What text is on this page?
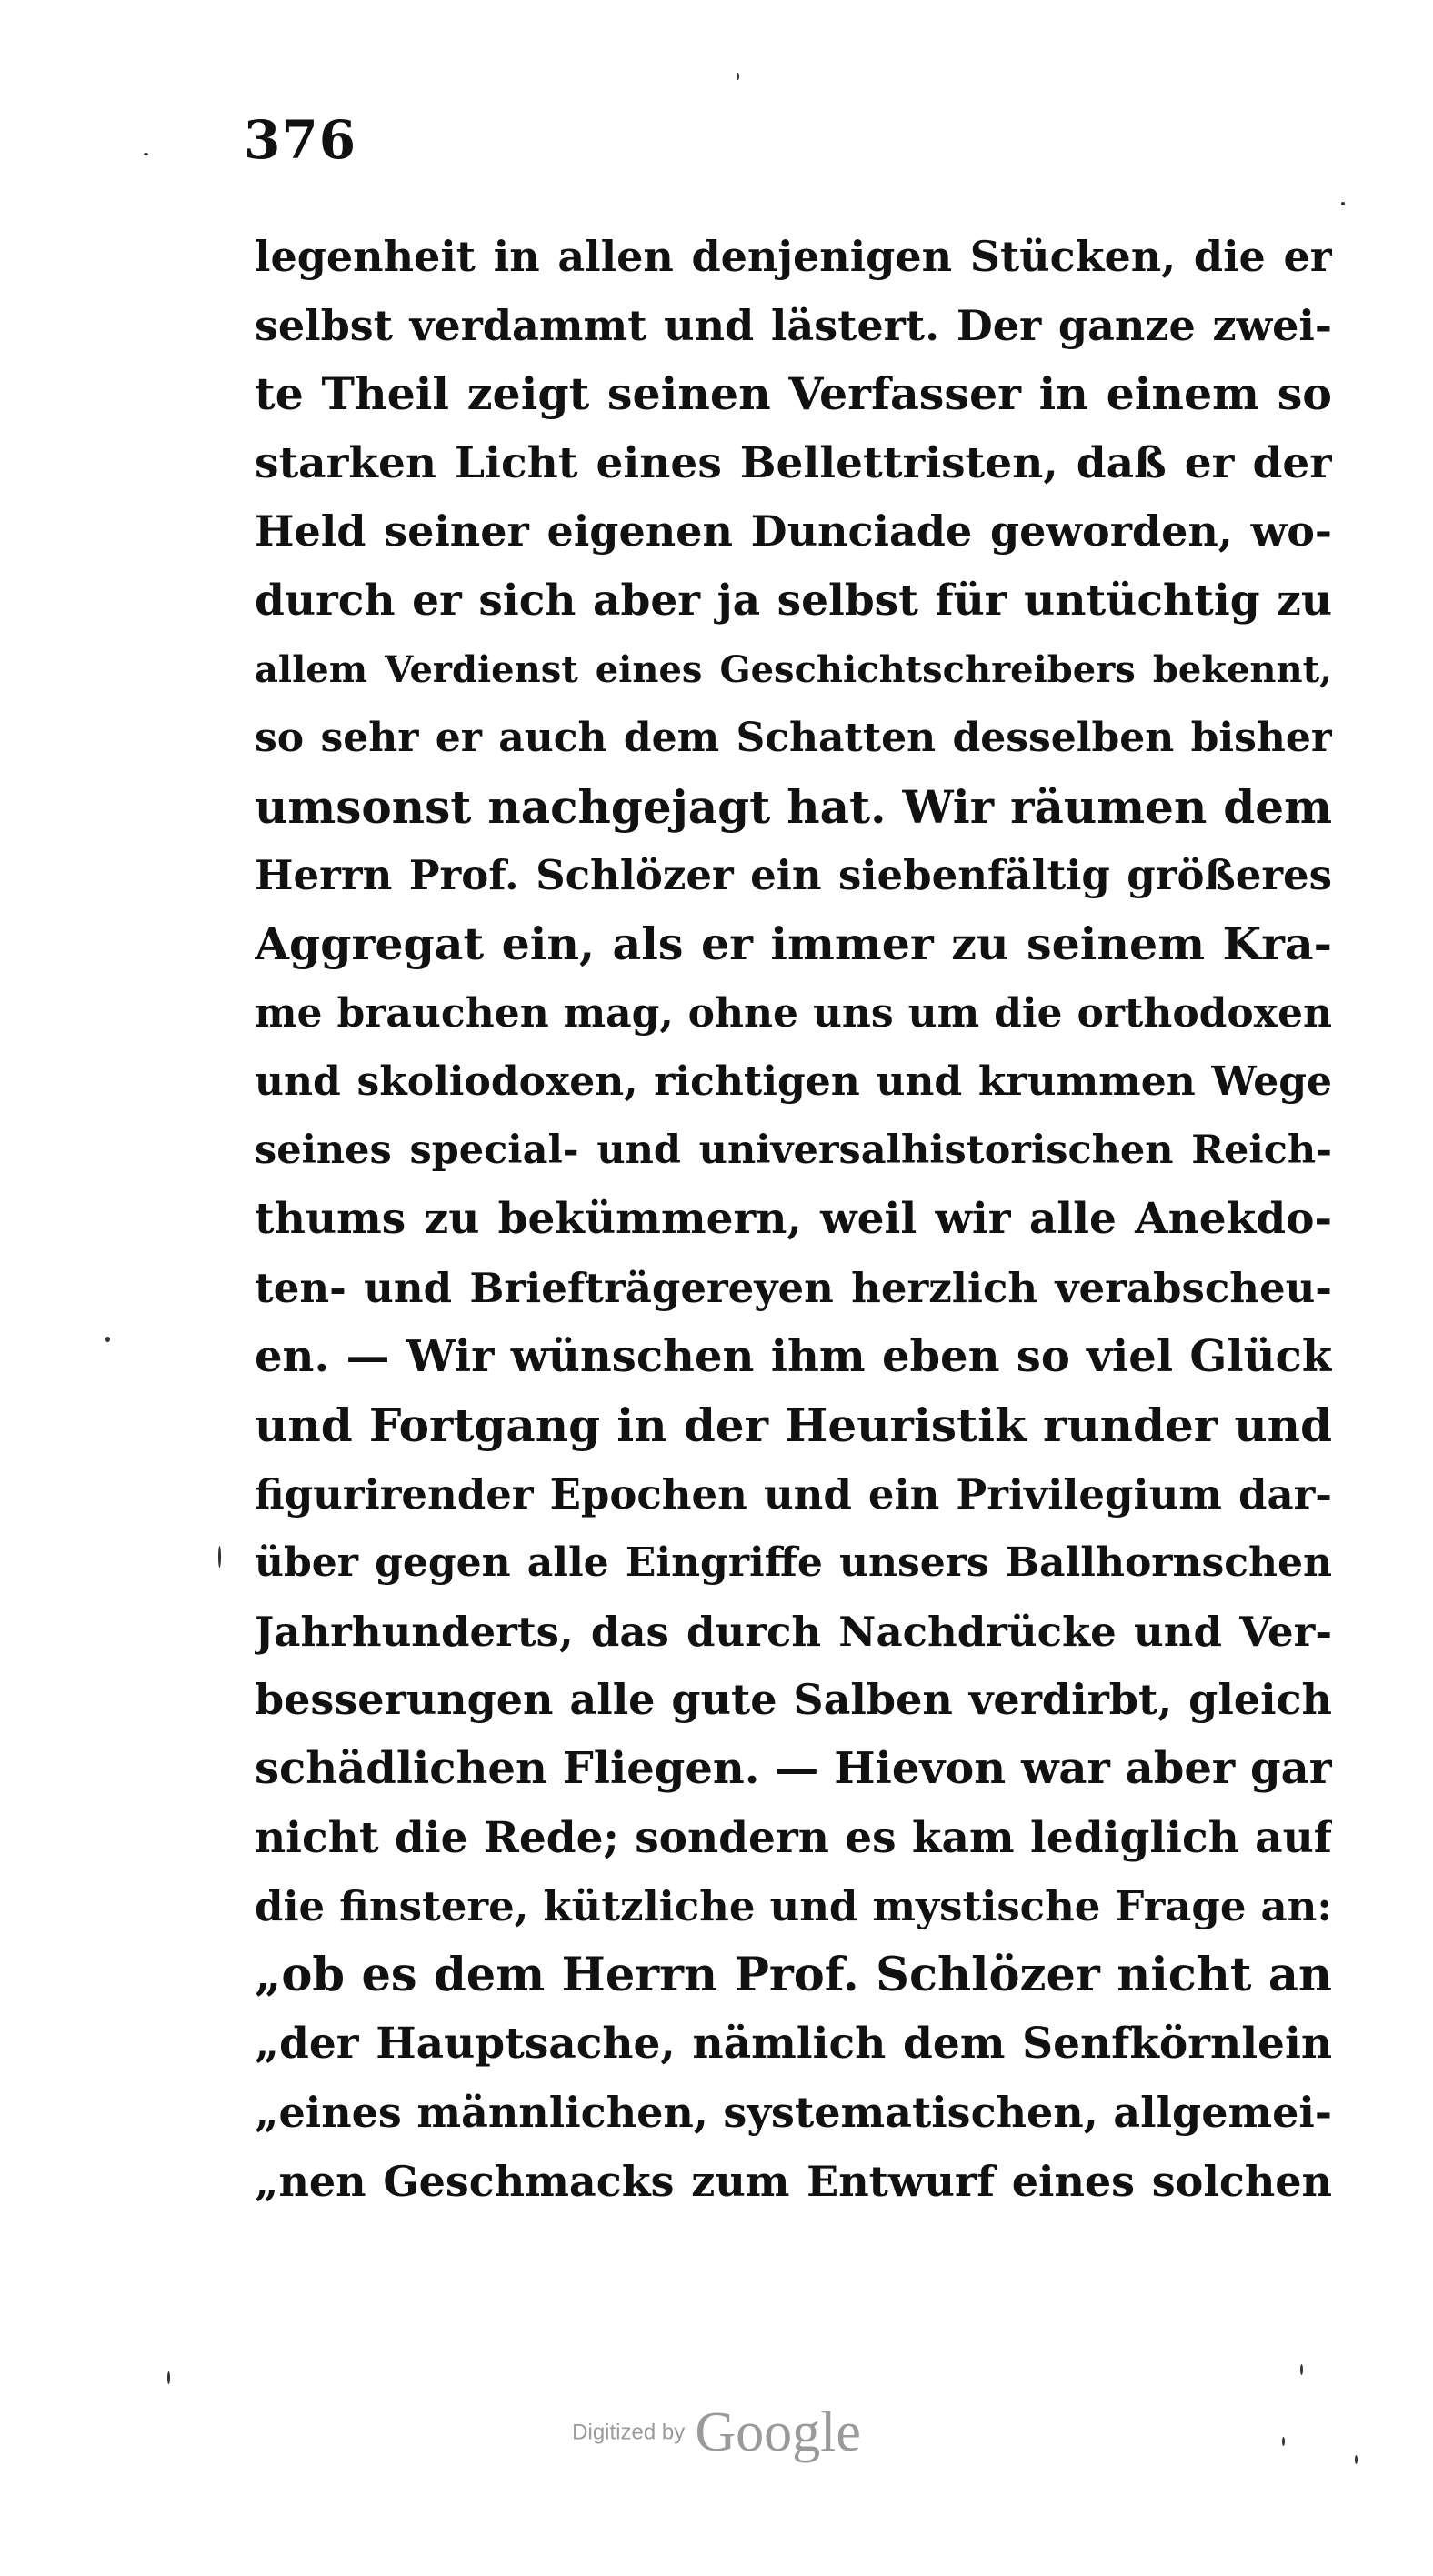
376
legenheit in allen denjenigen Stücken, die er
selbst verdammt und lästert. Der ganze zwei-
te Theil zeigt seinen Verfasser in einem so
starken Licht eines Bellettristen, daß er der
Held seiner eigenen Dunciade geworden, wo-
durch er sich aber ja selbst für untüchtig zu
allem Verdienst eines Geschichtschreibers bekennt,
so sehr er auch dem Schatten desselben bisher
umsonst nachgejagt hat. Wir räumen dem
Herrn Prof. Schlözer ein siebenfältig größeres
Aggregat ein, als er immer zu seinem Kra-
me brauchen mag, ohne uns um die orthodoxen
und skoliodoxen, richtigen und krummen Wege
seines special- und universalhistorischen Reich-
thums zu bekümmern, weil wir alle Anekdo-
ten- und Briefträgereyen herzlich verabscheu-
en. — Wir wünschen ihm eben so viel Glück
und Fortgang in der Heuristik runder und
figurirender Epochen und ein Privilegium dar-
über gegen alle Eingriffe unsers Ballhornschen
Jahrhunderts, das durch Nachdrücke und Ver-
besserungen alle gute Salben verdirbt, gleich
schädlichen Fliegen. — Hievon war aber gar
nicht die Rede; sondern es kam lediglich auf
die finstere, kützliche und mystische Frage an:
„ob es dem Herrn Prof. Schlözer nicht an
„der Hauptsache, nämlich dem Senfkörnlein
„eines männlichen, systematischen, allgemei-
„nen Geschmacks zum Entwurf eines solchen
Digitized by Google
